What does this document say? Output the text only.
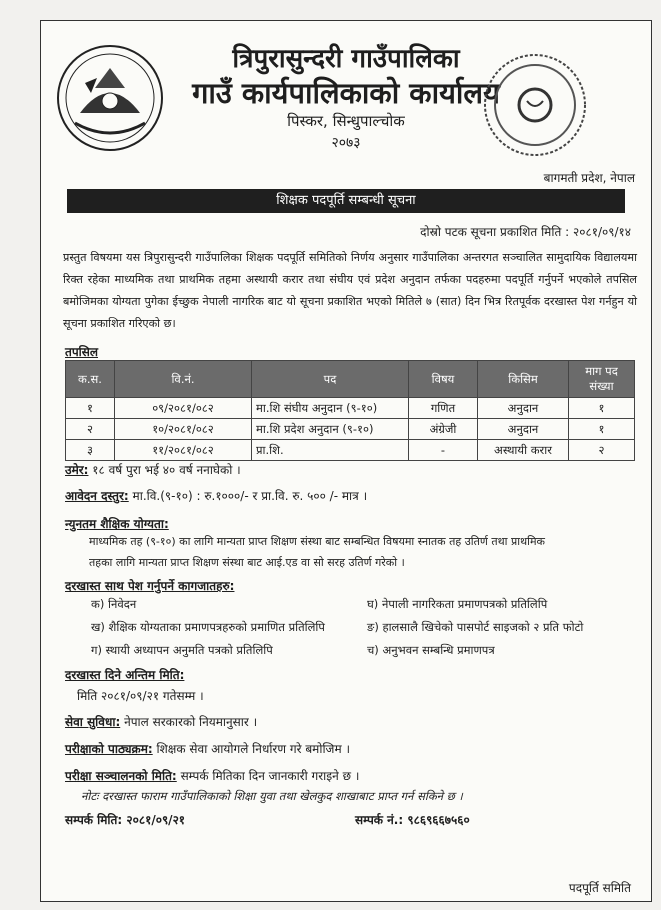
त्रिपुरासुन्दरी गाउँपालिका
गाउँ कार्यपालिकाको कार्यालय
पिस्कर, सिन्धुपाल्चोक
२०७३
बागमती प्रदेश, नेपाल
शिक्षक पदपूर्ति सम्बन्धी सूचना
दोस्रो पटक सूचना प्रकाशित मिति : २०८१/०९/१४
प्रस्तुत विषयमा यस त्रिपुरासुन्दरी गाउँपालिका शिक्षक पदपूर्ति समितिको निर्णय अनुसार गाउँपालिका अन्तरगत सञ्चालित सामुदायिक विद्यालयमा रिक्त रहेका माध्यमिक तथा प्राथमिक तहमा अस्थायी करार तथा संघीय एवं प्रदेश अनुदान तर्फका पदहरुमा पदपूर्ति गर्नुपर्ने भएकोले तपसिल बमोजिमका योग्यता पुगेका ईच्छुक नेपाली नागरिक बाट यो सूचना प्रकाशित भएको मितिले ७ (सात) दिन भित्र रितपूर्वक दरखास्त पेश गर्नहुन यो सूचना प्रकाशित गरिएको छ।
तपसिल
क.स.	वि.नं.	पद	विषय	किसिम	माग पद संख्या
१	०९/२०८१/०८२	मा.शि संघीय अनुदान (९-१०)	गणित	अनुदान	१
२	१०/२०८१/०८२	मा.शि प्रदेश अनुदान (९-१०)	अंग्रेजी	अनुदान	१
३	११/२०८१/०८२	प्रा.शि.	-	अस्थायी करार	२
उमेर: १८ वर्ष पुरा भई ४० वर्ष ननाघेको ।
आवेदन दस्तुर: मा.वि.(९-१०) : रु.१०००/- र प्रा.वि. रु. ५०० /- मात्र ।
न्युनतम शैक्षिक योग्यता:
माध्यमिक तह (९-१०) का लागि मान्यता प्राप्त शिक्षण संस्था बाट सम्बन्धित विषयमा स्नातक तह उतिर्ण तथा प्राथमिक
तहका लागि मान्यता प्राप्त शिक्षण संस्था बाट आई.एड वा सो सरह उतिर्ण गरेको ।
दरखास्त साथ पेश गर्नुपर्ने कागजातहरु:
क) निवेदन
ख) शैक्षिक योग्यताका प्रमाणपत्रहरुको प्रमाणित प्रतिलिपि
ग) स्थायी अध्यापन अनुमति पत्रको प्रतिलिपि
घ) नेपाली नागरिकता प्रमाणपत्रको प्रतिलिपि
ङ) हालसालै खिचेको पासपोर्ट साइजको २ प्रति फोटो
च) अनुभवन सम्बन्धि प्रमाणपत्र
दरखास्त दिने अन्तिम मिति:
मिति २०८१/०९/२१ गतेसम्म ।
सेवा सुविधा: नेपाल सरकारको नियमानुसार ।
परीक्षाको पाठ्यक्रम: शिक्षक सेवा आयोगले निर्धारण गरे बमोजिम ।
परीक्षा सञ्चालनको मिति: सम्पर्क मितिका दिन जानकारी गराइने छ ।
नोटः दरखास्त फाराम गाउँपालिकाको शिक्षा युवा तथा खेलकुद शाखाबाट प्राप्त गर्न सकिने छ ।
सम्पर्क मिति: २०८१/०९/२१	सम्पर्क नं.: ९८६९६६७५६०
पदपूर्ति समिति
